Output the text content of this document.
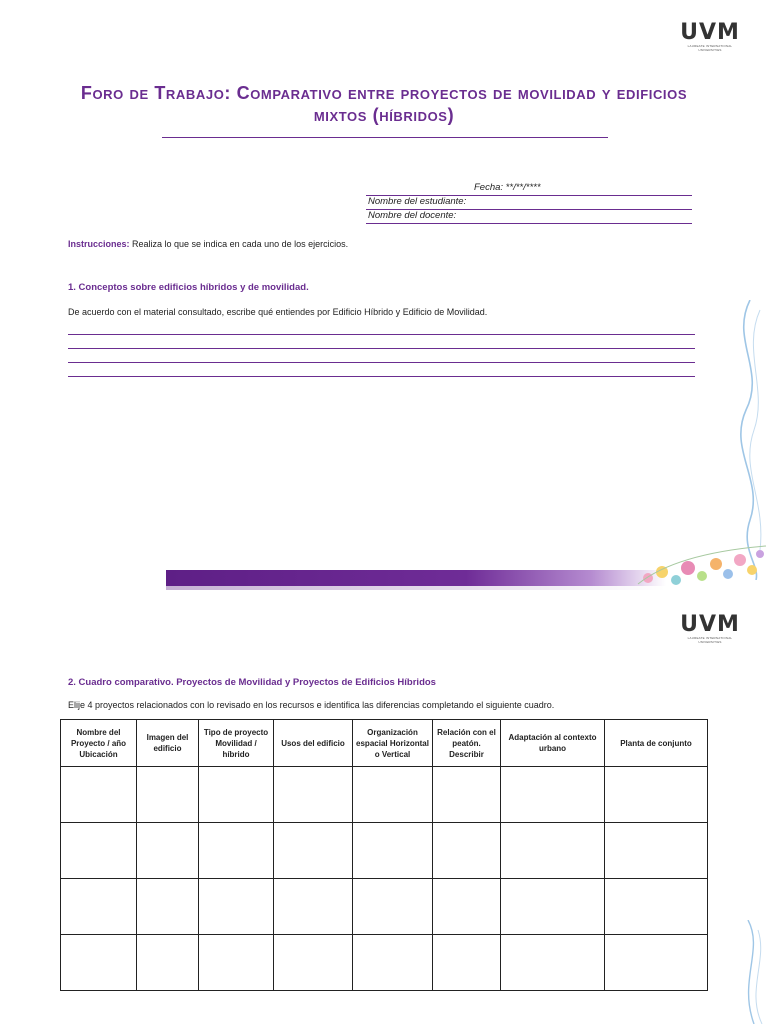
UVM
LAUREATE INTERNATIONAL UNIVERSITIES
Foro de Trabajo: Comparativo entre proyectos de movilidad y edificios mixtos (híbridos)
Fecha: **/**/****
Nombre del estudiante:
Nombre del docente:
Instrucciones: Realiza lo que se indica en cada uno de los ejercicios.
1. Conceptos sobre edificios híbridos y de movilidad.
De acuerdo con el material consultado, escribe qué entiendes por Edificio Híbrido y Edificio de Movilidad.
UVM
LAUREATE INTERNATIONAL UNIVERSITIES
2. Cuadro comparativo. Proyectos de Movilidad y Proyectos de Edificios Híbridos
Elije 4 proyectos relacionados con lo revisado en los recursos e identifica las diferencias completando el siguiente cuadro.
Nombre del Proyecto / año Ubicación	Imagen del edificio	Tipo de proyecto Movilidad / híbrido	Usos del edificio	Organización espacial Horizontal o Vertical	Relación con el peatón. Describir	Adaptación al contexto urbano	Planta de conjunto
